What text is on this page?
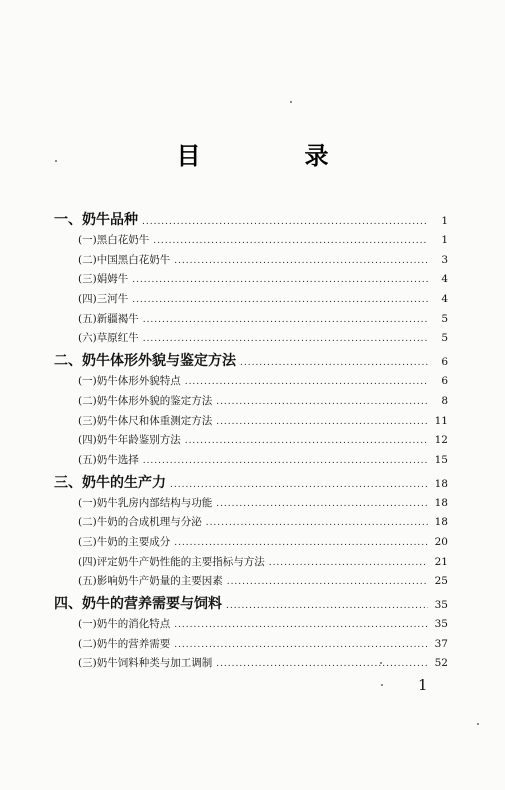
目　录
一、奶牛品种 .....	1
(一)黑白花奶牛 .....	1
(二)中国黑白花奶牛 .....	3
(三)娟姆牛 .....	4
(四)三河牛 .....	4
(五)新疆褐牛 .....	5
(六)草原红牛 .....	5
二、奶牛体形外貌与鉴定方法 .....	6
(一)奶牛体形外貌特点 .....	6
(二)奶牛体形外貌的鉴定方法 .....	8
(三)奶牛体尺和体重测定方法 .....	11
(四)奶牛年龄鉴别方法 .....	12
(五)奶牛选择 .....	15
三、奶牛的生产力 .....	18
(一)奶牛乳房内部结构与功能 .....	18
(二)牛奶的合成机理与分泌 .....	18
(三)牛奶的主要成分 .....	20
(四)评定奶牛产奶性能的主要指标与方法 .....	21
(五)影响奶牛产奶量的主要因素 .....	25
四、奶牛的营养需要与饲料 .....	35
(一)奶牛的消化特点 .....	35
(二)奶牛的营养需要 .....	37
(三)奶牛饲料种类与加工调制 .....	52
1
